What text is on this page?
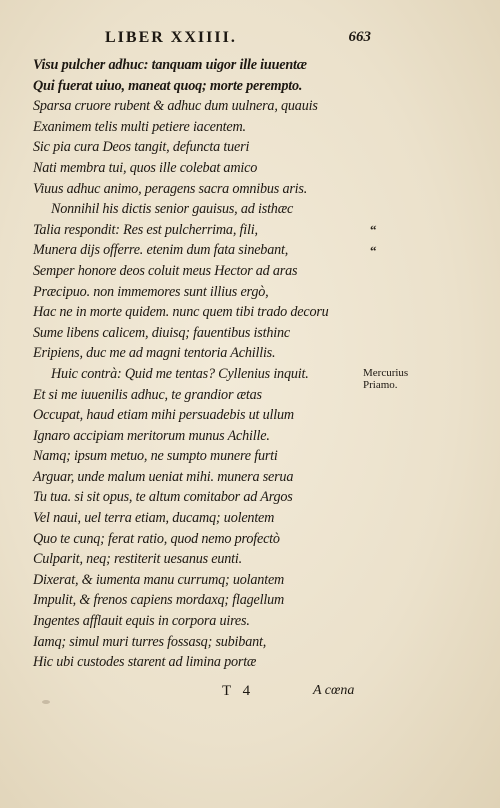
LIBER XXIIII.	663
Visu pulcher adhuc: tanquam uigor ille iuuentæ
Qui fuerat uiuo, maneat quoq; morte perempto.
Sparsa cruore rubent & adhuc dum uulnera, quauis
Exanimem telis multi petiere iacentem.
Sic pia cura Deos tangit, defuncta tueri
Nati membra tui, quos ille colebat amico
Viuus adhuc animo, peragens sacra omnibus aris.
Nonnihil his dictis senior gauisus, ad isthæc
Talia respondit: Res est pulcherrima, fili,
Munera dijs offerre. etenim dum fata sinebant,
Semper honore deos coluit meus Hector ad aras
Præcipuo. non immemores sunt illius ergò,
Hac ne in morte quidem. nunc quem tibi trado decoru
Sume libens calicem, diuisq; fauentibus isthinc
Eripiens, duc me ad magni tentoria Achillis.
Huic contrà: Quid me tentas? Cyllenius inquit.
Et si me iuuenilis adhuc, te grandior ætas
Occupat, haud etiam mihi persuadebis ut ullum
Ignaro accipiam meritorum munus Achille.
Namq; ipsum metuo, ne sumpto munere furti
Arguar, unde malum ueniat mihi. munera serua
Tu tua. si sit opus, te altum comitabor ad Argos
Vel naui, uel terra etiam, ducamq; uolentem
Quo te cunq; ferat ratio, quod nemo profectò
Culparit, neq; restiterit uesanus eunti.
Dixerat, & iumenta manu currumq; uolantem
Impulit, & frenos capiens mordaxq; flagellum
Ingentes afflauit equis in corpora uires.
Iamq; simul muri turres fossasq; subibant,
Hic ubi custodes starent ad limina portæ
“
“
Mercurius
Priamo.
T 4	A cœna
